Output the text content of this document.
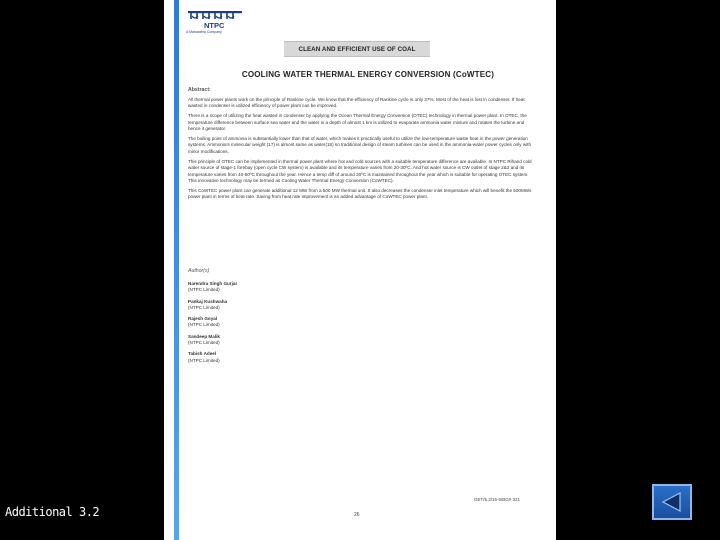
NTPC
A Maharatna Company
CLEAN AND EFFICIENT USE OF COAL
COOLING WATER THERMAL ENERGY CONVERSION (CoWTEC)
Abstract:

All thermal power plants work on the principle of Rankine cycle. We know that the efficiency of Rankine cycle is only 37%. Most of the heat is lost in condenser. If heat wasted in condenser is utilized efficiency of power plant can be improved.

There is a scope of utilizing the heat wasted in condenser by applying the Ocean Thermal Energy Conversion (OTEC) technology in thermal power plant. In OTEC, the temperature difference between surface sea water and the water in a depth of almost 1 km is utilized to evaporate ammonia water mixture and rotates the turbine and hence it generator.

The boiling point of ammonia is substantially lower than that of water, which makes it practically useful to utilize the low-temperature waste heat in the power generation systems. Ammonia's molecular weight (17) is almost same as water(18) so traditional design of steam turbines can be used in the ammonia-water power cycles only with minor modifications.

This principle of OTEC can be implemented in thermal power plant where hot and cold sources with a suitable temperature difference are available. In NTPC Rihand cold water source of stage-1 forebay (open cycle CW system) is available and its temperature varies from 20-30ºC. And hot water source is CW outlet of stage 2&3 and its temperature varies from 40-50ºC throughout the year. Hence a temp diff of around 20ºC is maintained throughout the year which is suitable for operating OTEC system. This innovative technology may be termed as Cooling Water Thermal Energy Conversion (CoWTEC).

This CoWTEC power plant can generate additional 12 MW from a 500 MW thermal unit. It also decreases the condenser inlet temperature which will benefit the 500MWs power plant in terms of heat rate. Saving from heat rate improvement is an added advantage of CoWTEC power plant.

Author(s)
Narendra Singh Gurjar
(NTPC Limited)
Pankaj Kushwaha
(NTPC Limited)
Rajesh Goyal
(NTPC Limited)
Sandeep Malik
(NTPC Limited)
Tabish Adeel
(NTPC Limited)
GET/5.2/15-5/BG# 321
26
Additional 3.2
